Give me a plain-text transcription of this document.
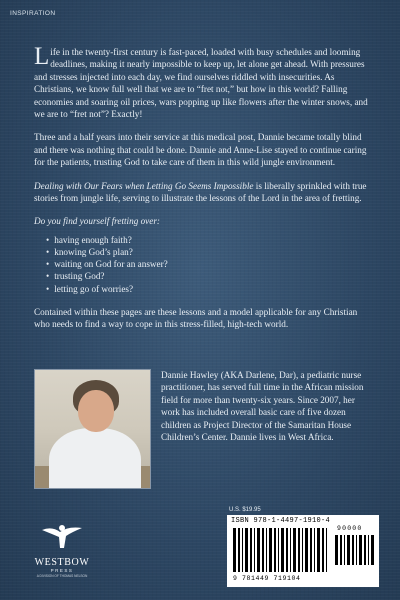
INSPIRATION

Life in the twenty-first century is fast-paced, loaded with busy schedules and looming deadlines, making it nearly impossible to keep up, let alone get ahead. With pressures and stresses injected into each day, we find ourselves riddled with insecurities. As Christians, we know full well that we are to “fret not,” but how in this world? Falling economies and soaring oil prices, wars popping up like flowers after the winter snows, and we are to “fret not”? Exactly!

Three and a half years into their service at this medical post, Dannie became totally blind and there was nothing that could be done. Dannie and Anne-Lise stayed to continue caring for the patients, trusting God to take care of them in this wild jungle environment.

Dealing with Our Fears when Letting Go Seems Impossible is liberally sprinkled with true stories from jungle life, serving to illustrate the lessons of the Lord in the area of fretting.

Do you find yourself fretting over:

• having enough faith?
• knowing God’s plan?
• waiting on God for an answer?
• trusting God?
• letting go of worries?

Contained within these pages are these lessons and a model applicable for any Christian who needs to find a way to cope in this stress-filled, high-tech world.

Dannie Hawley (AKA Darlene, Dar), a pediatric nurse practitioner, has served full time in the African mission field for more than twenty-six years. Since 2007, her work has included overall basic care of five dozen children as Project Director of the Samaritan House Children’s Center. Dannie lives in West Africa.
U.S. $19.95
ISBN 978-1-4497-1910-4
9 781449 719104
90000
WESTBOW
PRESS
A DIVISION OF THOMAS NELSON
